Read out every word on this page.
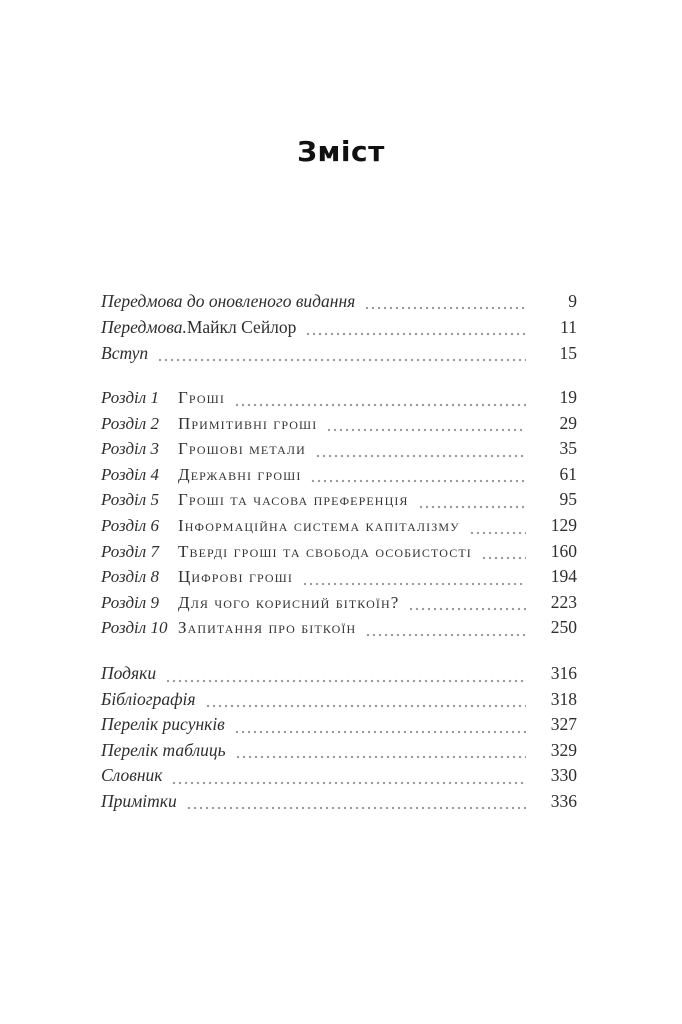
Зміст
Передмова до оновленого видання	9
Передмова. Майкл Сейлор	11
Вступ	15
Розділ 1	Гроші	19
Розділ 2	Примітивні гроші	29
Розділ 3	Грошові метали	35
Розділ 4	Державні гроші	61
Розділ 5	Гроші та часова преференція	95
Розділ 6	Інформаційна система капіталізму	129
Розділ 7	Тверді гроші та свобода особистості	160
Розділ 8	Цифрові гроші	194
Розділ 9	Для чого корисний біткоїн?	223
Розділ 10 Запитання про біткоїн	250
Подяки	316
Бібліографія	318
Перелік рисунків	327
Перелік таблиць	329
Словник	330
Примітки	336
